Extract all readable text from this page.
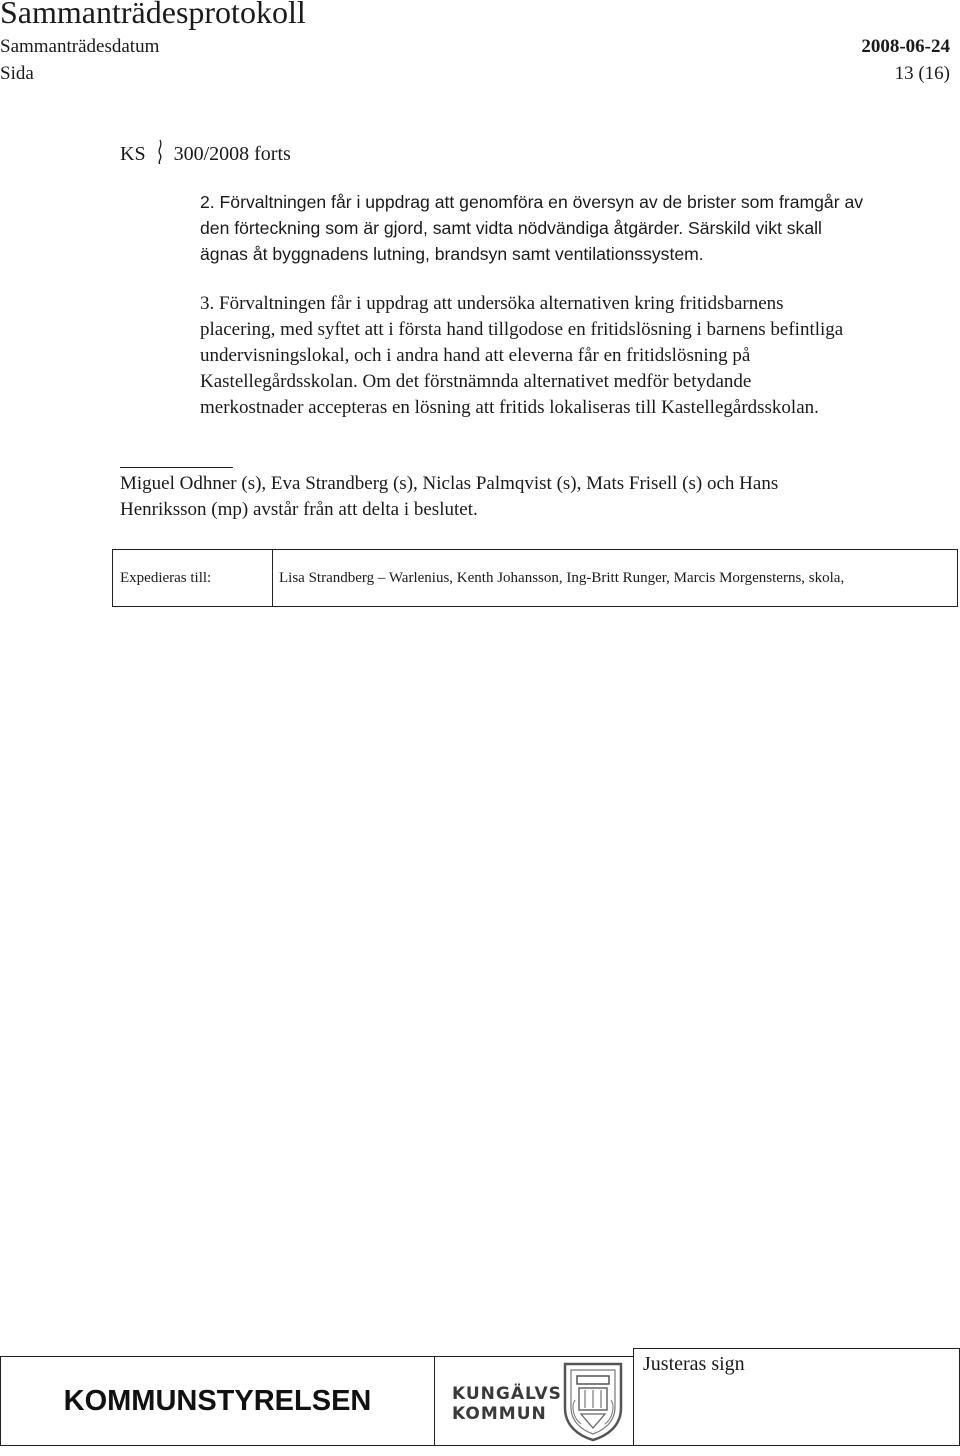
Sammanträdesprotokoll
Sammanträdesdatum	2008-06-24
Sida	13 (16)
KS 300/2008 forts
2. Förvaltningen får i uppdrag att genomföra en översyn av de brister som framgår av
den förteckning som är gjord, samt vidta nödvändiga åtgärder. Särskild vikt skall
ägnas åt byggnadens lutning, brandsyn samt ventilationssystem.
3. Förvaltningen får i uppdrag att undersöka alternativen kring fritidsbarnens
placering, med syftet att i första hand tillgodose en fritidslösning i barnens befintliga
undervisningslokal, och i andra hand att eleverna får en fritidslösning på
Kastellegårdsskolan. Om det förstnämnda alternativet medför betydande
merkostnader accepteras en lösning att fritids lokaliseras till Kastellegårdsskolan.
Miguel Odhner (s), Eva Strandberg (s), Niclas Palmqvist (s), Mats Frisell (s) och Hans
Henriksson (mp) avstår från att delta i beslutet.
Expedieras till:	Lisa Strandberg – Warlenius, Kenth Johansson, Ing-Britt Runger, Marcis Morgensterns, skola,
KOMMUNSTYRELSEN	KUNGÄLVS
KOMMUN
Justeras sign
